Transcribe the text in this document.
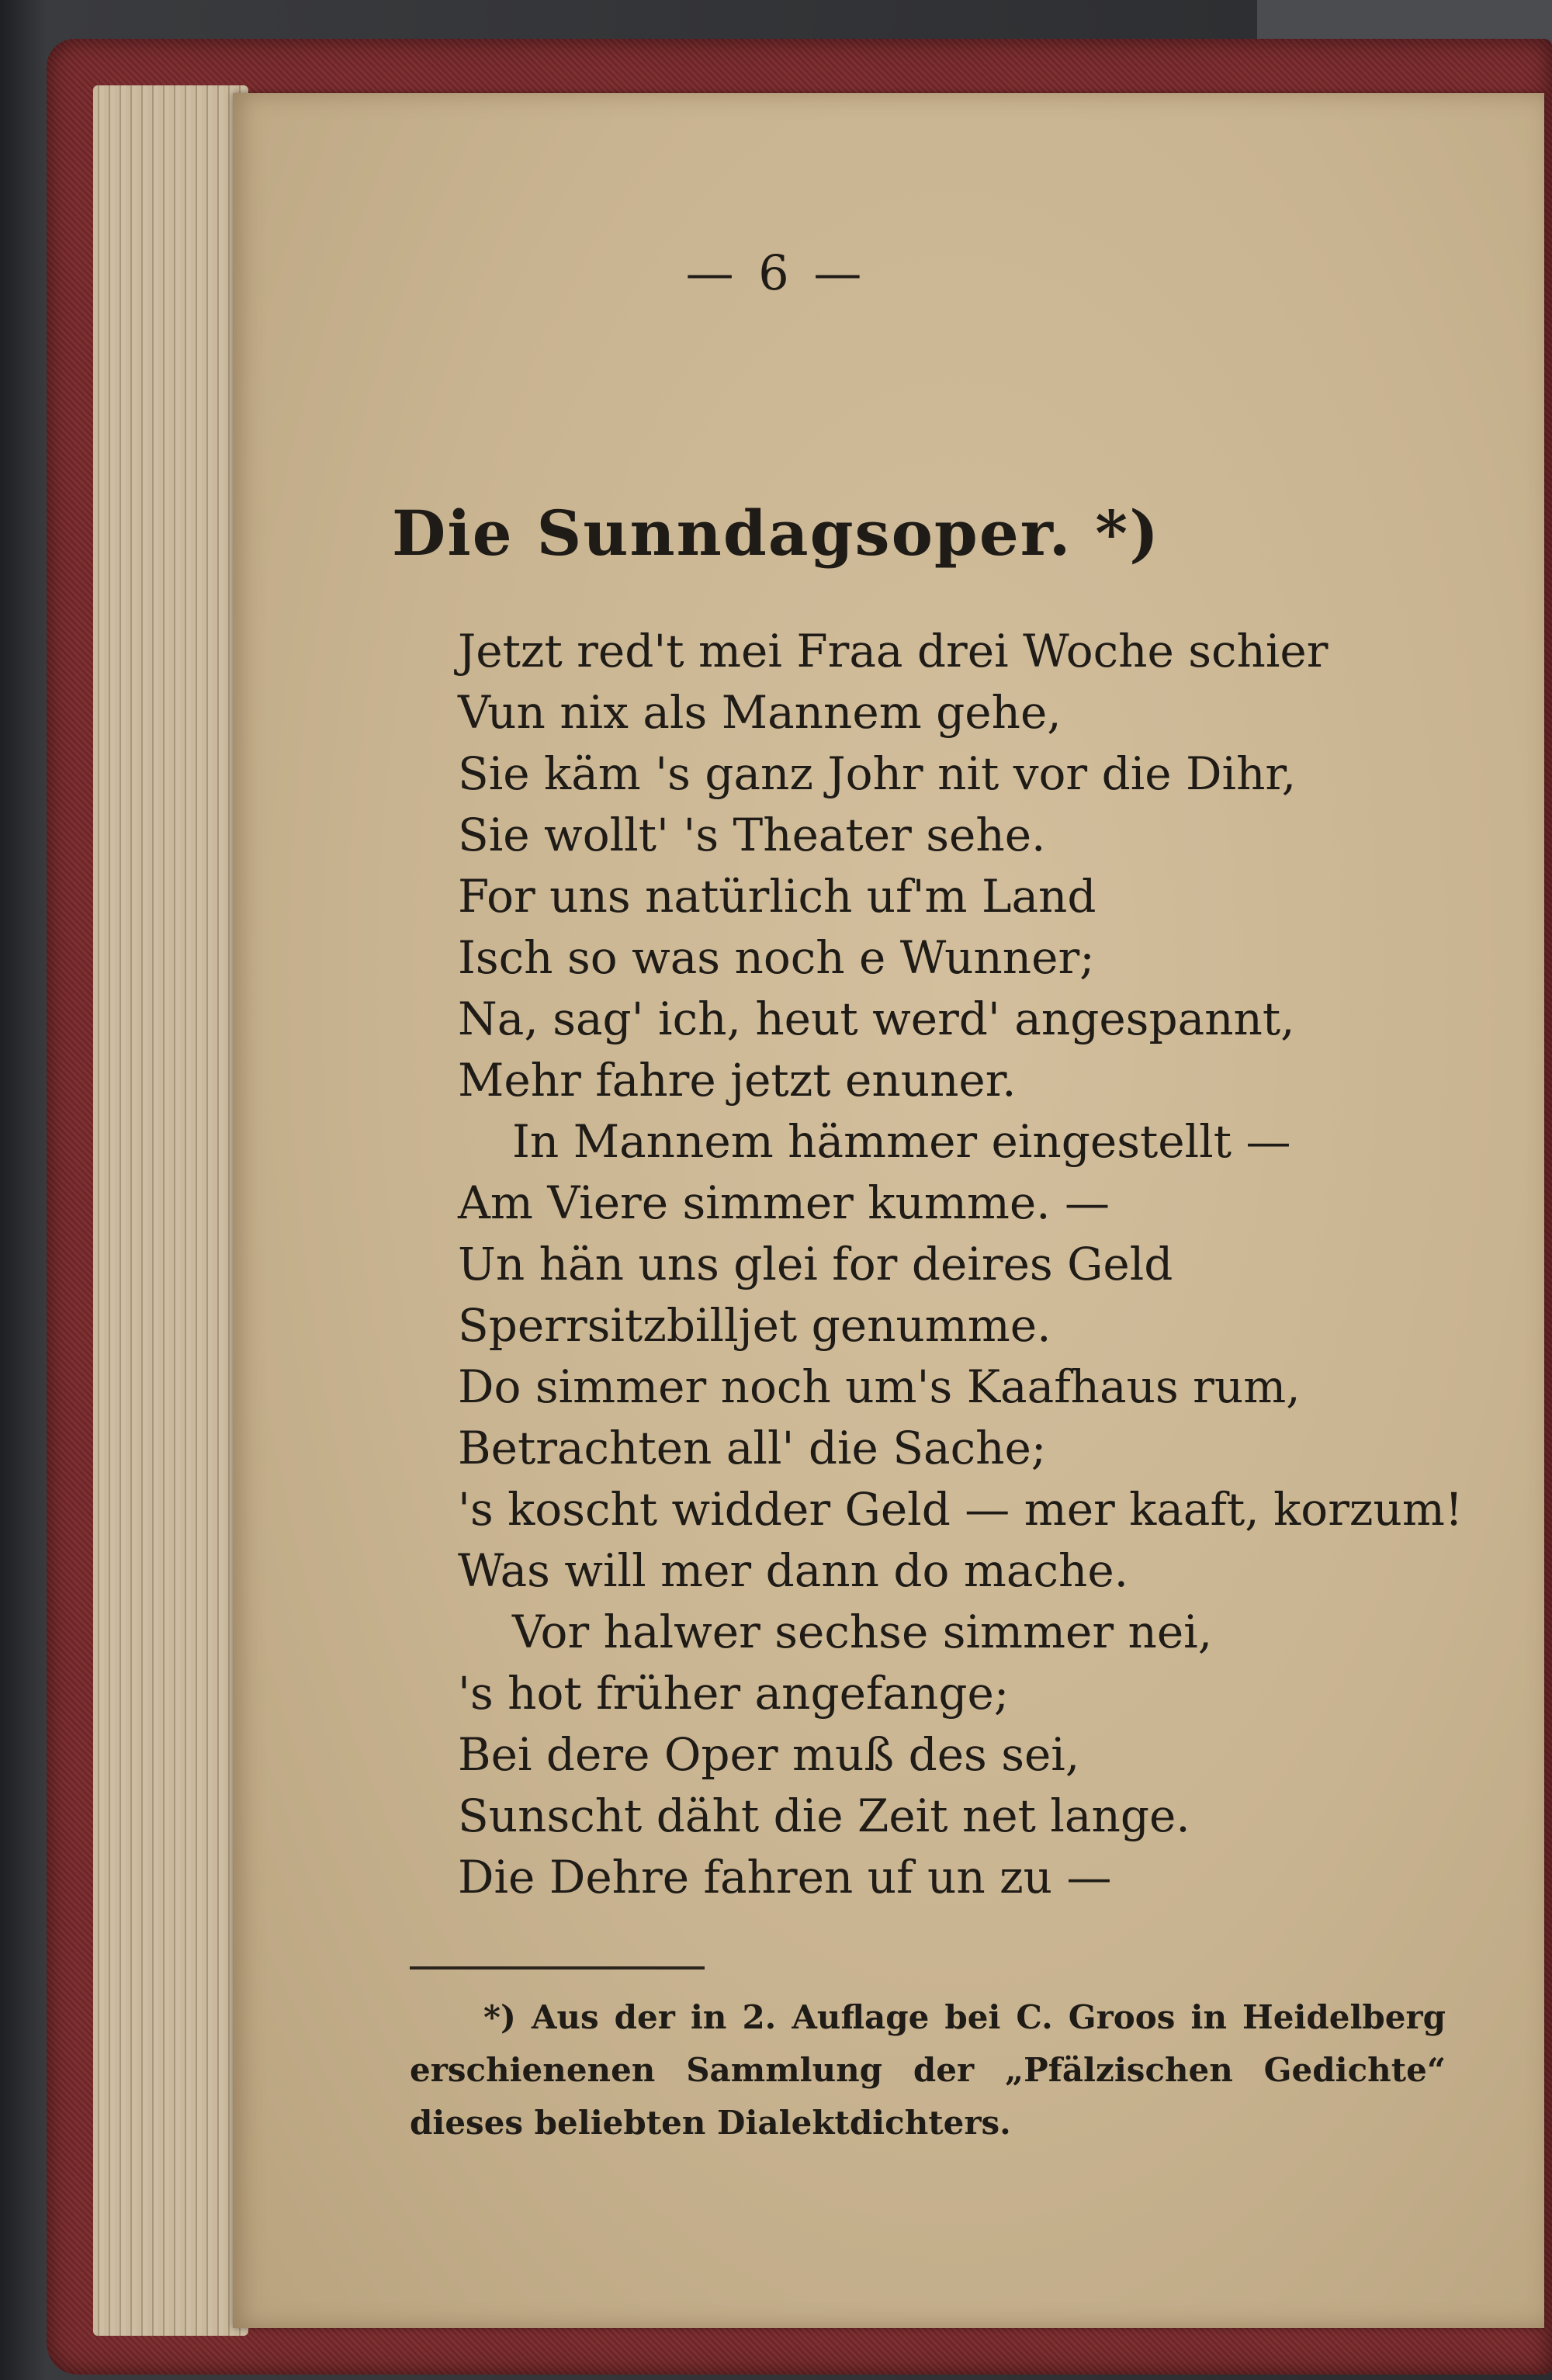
— 6 —
Die Sunndagsoper. *)
Jetzt red't mei Fraa drei Woche schier
Vun nix als Mannem gehe,
Sie käm 's ganz Johr nit vor die Dihr,
Sie wollt' 's Theater sehe.
For uns natürlich uf'm Land
Isch so was noch e Wunner;
Na, sag' ich, heut werd' angespannt,
Mehr fahre jetzt enuner.
In Mannem hämmer eingestellt —
Am Viere simmer kumme. —
Un hän uns glei for deires Geld
Sperrsitzbilljet genumme.
Do simmer noch um's Kaafhaus rum,
Betrachten all' die Sache;
's koscht widder Geld — mer kaaft, korzum!
Was will mer dann do mache.
Vor halwer sechse simmer nei,
's hot früher angefange;
Bei dere Oper muß des sei,
Sunscht däht die Zeit net lange.
Die Dehre fahren uf un zu —

*) Aus der in 2. Auflage bei C. Groos in Heidelberg erschienenen Sammlung der „Pfälzischen Gedichte“ dieses beliebten Dialektdichters.
